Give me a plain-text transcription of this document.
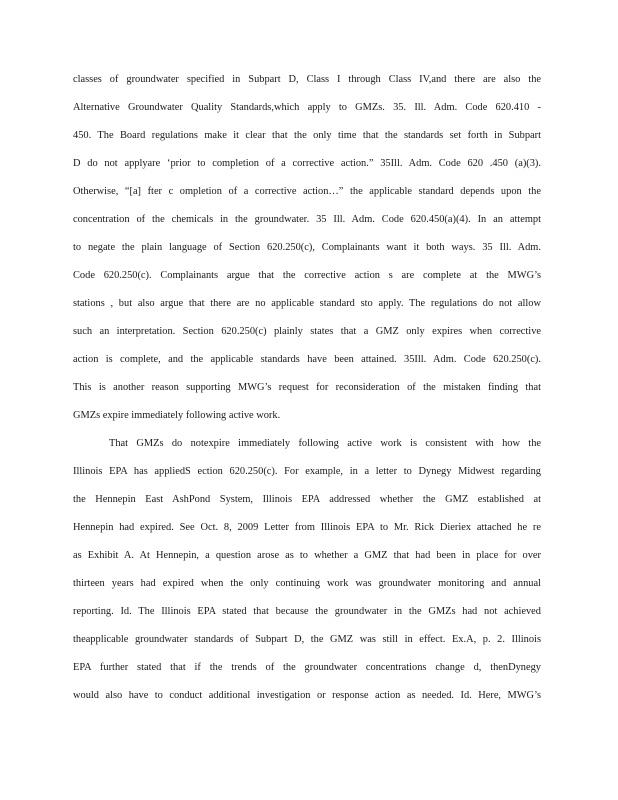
classes of groundwater specified in Subpart D, Class I through Class IV,and there are also the
Alternative Groundwater Quality Standards,which apply to GMZs. 35. Ill. Adm. Code 620.410 -
450. The Board regulations make it clear that the only time that the standards set forth in Subpart
D do not applyare ‘prior to completion of a corrective action.” 35Ill. Adm. Code 620 .450 (a)(3).
Otherwise, “[a] fter c ompletion of a corrective action…” the applicable standard depends upon the
concentration of the chemicals in the groundwater. 35 Ill. Adm. Code 620.450(a)(4). In an attempt
to negate the plain language of Section 620.250(c), Complainants want it both ways. 35 Ill. Adm.
Code 620.250(c). Complainants argue that the corrective action s are complete at the MWG’s
stations , but also argue that there are no applicable standard sto apply. The regulations do not allow
such an interpretation. Section 620.250(c) plainly states that a GMZ only expires when corrective
action is complete, and the applicable standards have been attained. 35Ill. Adm. Code 620.250(c).
This is another reason supporting MWG’s request for reconsideration of the mistaken finding that
GMZs expire immediately following active work.
That GMZs do notexpire immediately following active work is consistent with how the
Illinois EPA has appliedS ection 620.250(c). For example, in a letter to Dynegy Midwest regarding
the Hennepin East AshPond System, Illinois EPA addressed whether the GMZ established at
Hennepin had expired. See Oct. 8, 2009 Letter from Illinois EPA to Mr. Rick Dieriex attached he re
as Exhibit A. At Hennepin, a question arose as to whether a GMZ that had been in place for over
thirteen years had expired when the only continuing work was groundwater monitoring and annual
reporting. Id. The Illinois EPA stated that because the groundwater in the GMZs had not achieved
theapplicable groundwater standards of Subpart D, the GMZ was still in effect. Ex.A, p. 2. Illinois
EPA further stated that if the trends of the groundwater concentrations change d, thenDynegy
would also have to conduct additional investigation or response action as needed. Id. Here, MWG’s
